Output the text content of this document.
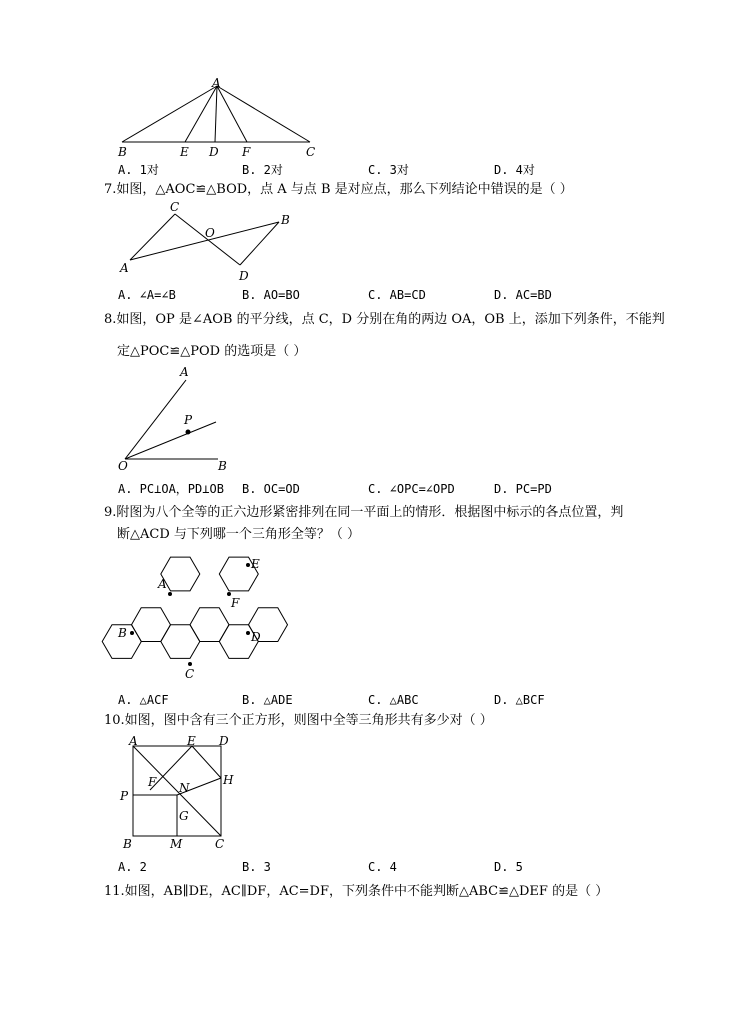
A
B	E D F	C
A. 1对	B. 2对	C. 3对	D. 4对
7.如图，△AOC≌△BOD，点 A 与点 B 是对应点，那么下列结论中错误的是（ ）
C
O
B
A
D
A. ∠A=∠B	B. AO=BO	C. AB=CD	D. AC=BD
8.如图，OP 是∠AOB 的平分线，点 C，D 分别在角的两边 OA，OB 上，添加下列条件，不能判
定△POC≌△POD 的选项是（ ）
A
P
O	B
A. PC⊥OA，PD⊥OB B. OC=OD	C. ∠OPC=∠OPD	D. PC=PD
9.附图为八个全等的正六边形紧密排列在同一平面上的情形．根据图中标示的各点位置，判
断△ACD 与下列哪一个三角形全等？（ ）
E
A
F
B	D
C
A. △ACF	B. △ADE	C. △ABC	D. △BCF
10.如图，图中含有三个正方形，则图中全等三角形共有多少对（ ）
A	E D
F	H
P
N
G
B	M	C
A. 2	B. 3	C. 4	D. 5
11.如图，AB∥DE，AC∥DF，AC=DF，下列条件中不能判断△ABC≌△DEF 的是（ ）
